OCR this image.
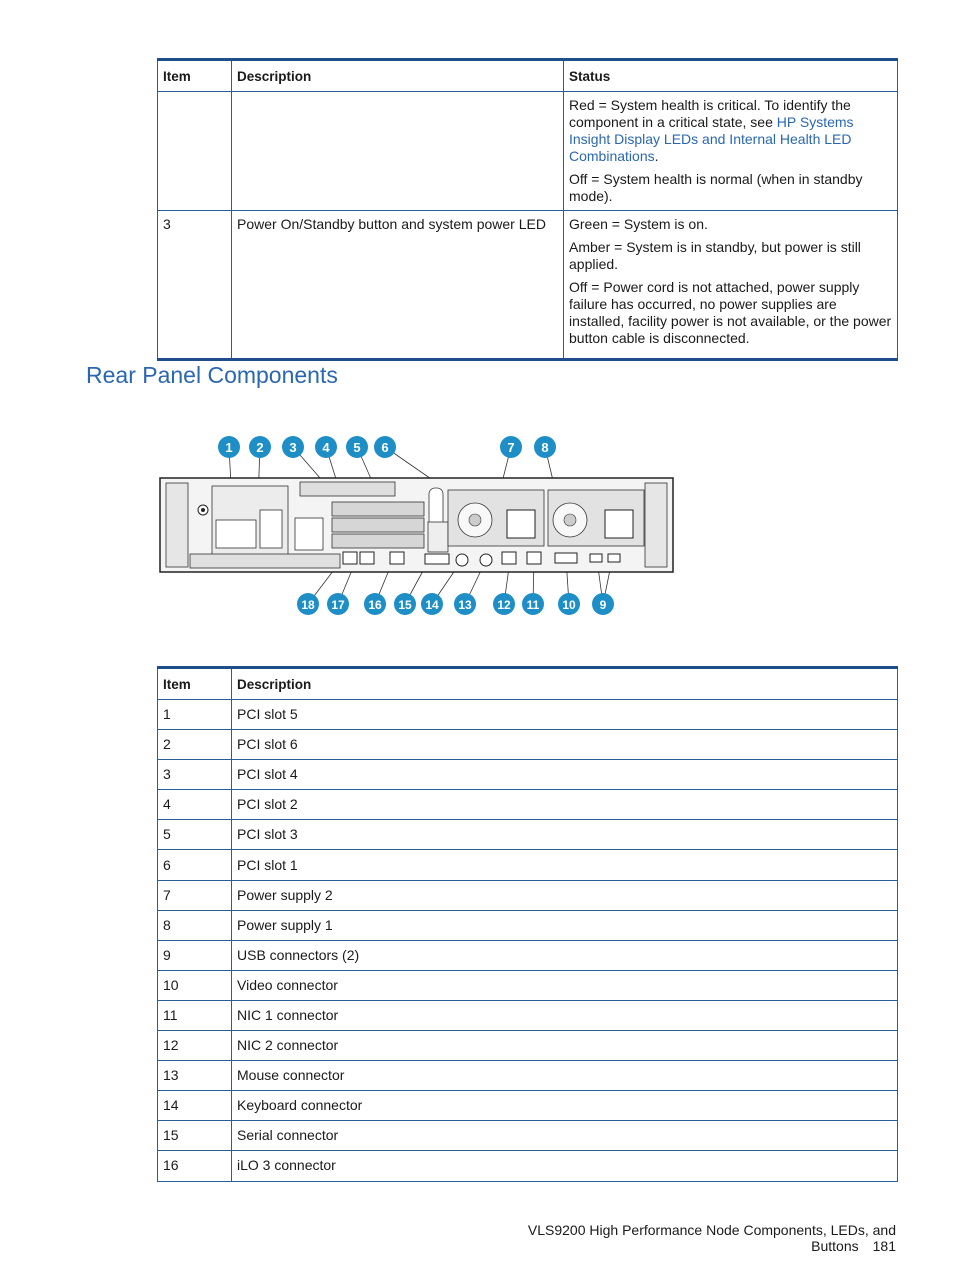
Item	Description	Status

		Red = System health is critical. To identify the component in a critical state, see HP Systems Insight Display LEDs and Internal Health LED Combinations.

Off = System health is normal (when in standby mode).

3	Power On/Standby button and system power LED	Green = System is on.

Amber = System is in standby, but power is still applied.

Off = Power cord is not attached, power supply failure has occurred, no power supplies are installed, facility power is not available, or the power button cable is disconnected.

Rear Panel Components
1 2 3 4 5 6	7 8
18 17 16 15 14 13 12 11 10 9
Item	Description
1	PCI slot 5
2	PCI slot 6
3	PCI slot 4
4	PCI slot 2
5	PCI slot 3
6	PCI slot 1
7	Power supply 2
8	Power supply 1
9	USB connectors (2)
10	Video connector
11	NIC 1 connector
12	NIC 2 connector
13	Mouse connector
14	Keyboard connector
15	Serial connector
16	iLO 3 connector
VLS9200 High Performance Node Components, LEDs, and Buttons 181
